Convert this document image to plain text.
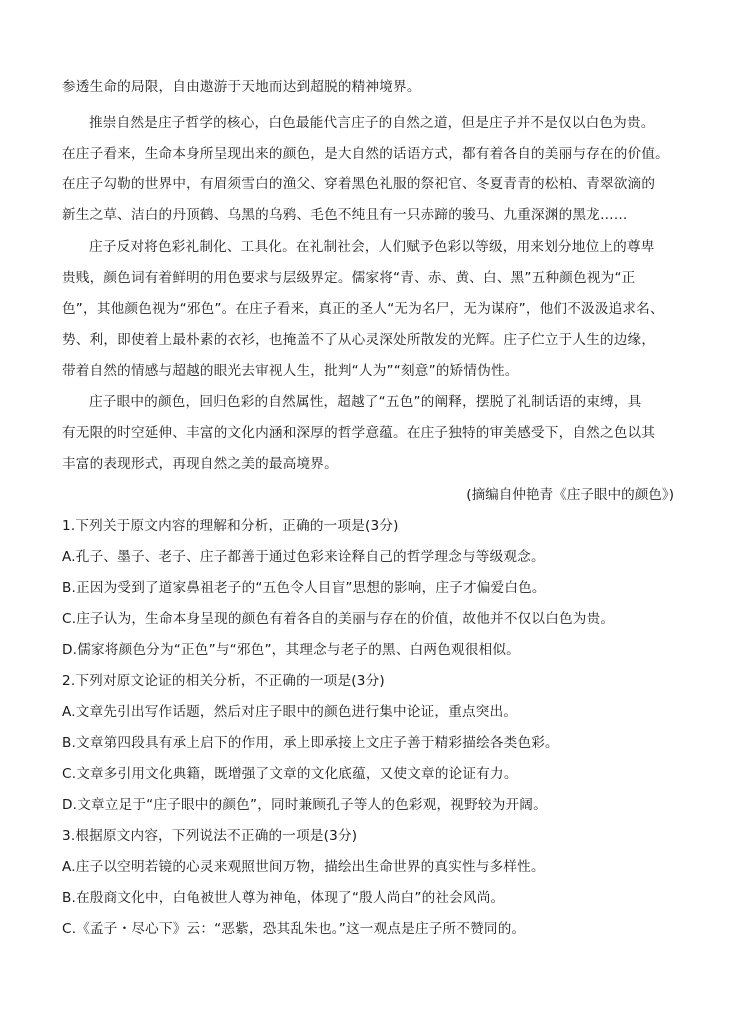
参透生命的局限，自由遨游于天地而达到超脱的精神境界。
推崇自然是庄子哲学的核心，白色最能代言庄子的自然之道，但是庄子并不是仅以白色为贵。
在庄子看来，生命本身所呈现出来的颜色，是大自然的话语方式，都有着各自的美丽与存在的价值。
在庄子勾勒的世界中，有眉须雪白的渔父、穿着黑色礼服的祭祀官、冬夏青青的松柏、青翠欲滴的
新生之草、洁白的丹顶鹤、乌黑的乌鸦、毛色不纯且有一只赤蹄的骏马、九重深渊的黑龙……
庄子反对将色彩礼制化、工具化。在礼制社会，人们赋予色彩以等级，用来划分地位上的尊卑
贵贱，颜色词有着鲜明的用色要求与层级界定。儒家将“青、赤、黄、白、黑”五种颜色视为“正
色”，其他颜色视为“邪色”。在庄子看来，真正的圣人“无为名尸，无为谋府”，他们不汲汲追求名、
势、利，即使着上最朴素的衣衫，也掩盖不了从心灵深处所散发的光辉。庄子伫立于人生的边缘，
带着自然的情感与超越的眼光去审视人生，批判“人为”“刻意”的矫情伪性。
庄子眼中的颜色，回归色彩的自然属性，超越了“五色”的阐释，摆脱了礼制话语的束缚，具
有无限的时空延伸、丰富的文化内涵和深厚的哲学意蕴。在庄子独特的审美感受下，自然之色以其
丰富的表现形式，再现自然之美的最高境界。
(摘编自仲艳青《庄子眼中的颜色》)
1.下列关于原文内容的理解和分析，正确的一项是(3分)
A.孔子、墨子、老子、庄子都善于通过色彩来诠释自己的哲学理念与等级观念。
B.正因为受到了道家鼻祖老子的“五色令人目盲”思想的影响，庄子才偏爱白色。
C.庄子认为，生命本身呈现的颜色有着各自的美丽与存在的价值，故他并不仅以白色为贵。
D.儒家将颜色分为“正色”与“邪色”，其理念与老子的黑、白两色观很相似。
2.下列对原文论证的相关分析，不正确的一项是(3分)
A.文章先引出写作话题，然后对庄子眼中的颜色进行集中论证，重点突出。
B.文章第四段具有承上启下的作用，承上即承接上文庄子善于精彩描绘各类色彩。
C.文章多引用文化典籍，既增强了文章的文化底蕴，又使文章的论证有力。
D.文章立足于“庄子眼中的颜色”，同时兼顾孔子等人的色彩观，视野较为开阔。
3.根据原文内容，下列说法不正确的一项是(3分)
A.庄子以空明若镜的心灵来观照世间万物，描绘出生命世界的真实性与多样性。
B.在殷商文化中，白龟被世人尊为神龟，体现了“殷人尚白”的社会风尚。
C.《孟子・尽心下》云：“恶紫，恐其乱朱也。”这一观点是庄子所不赞同的。
